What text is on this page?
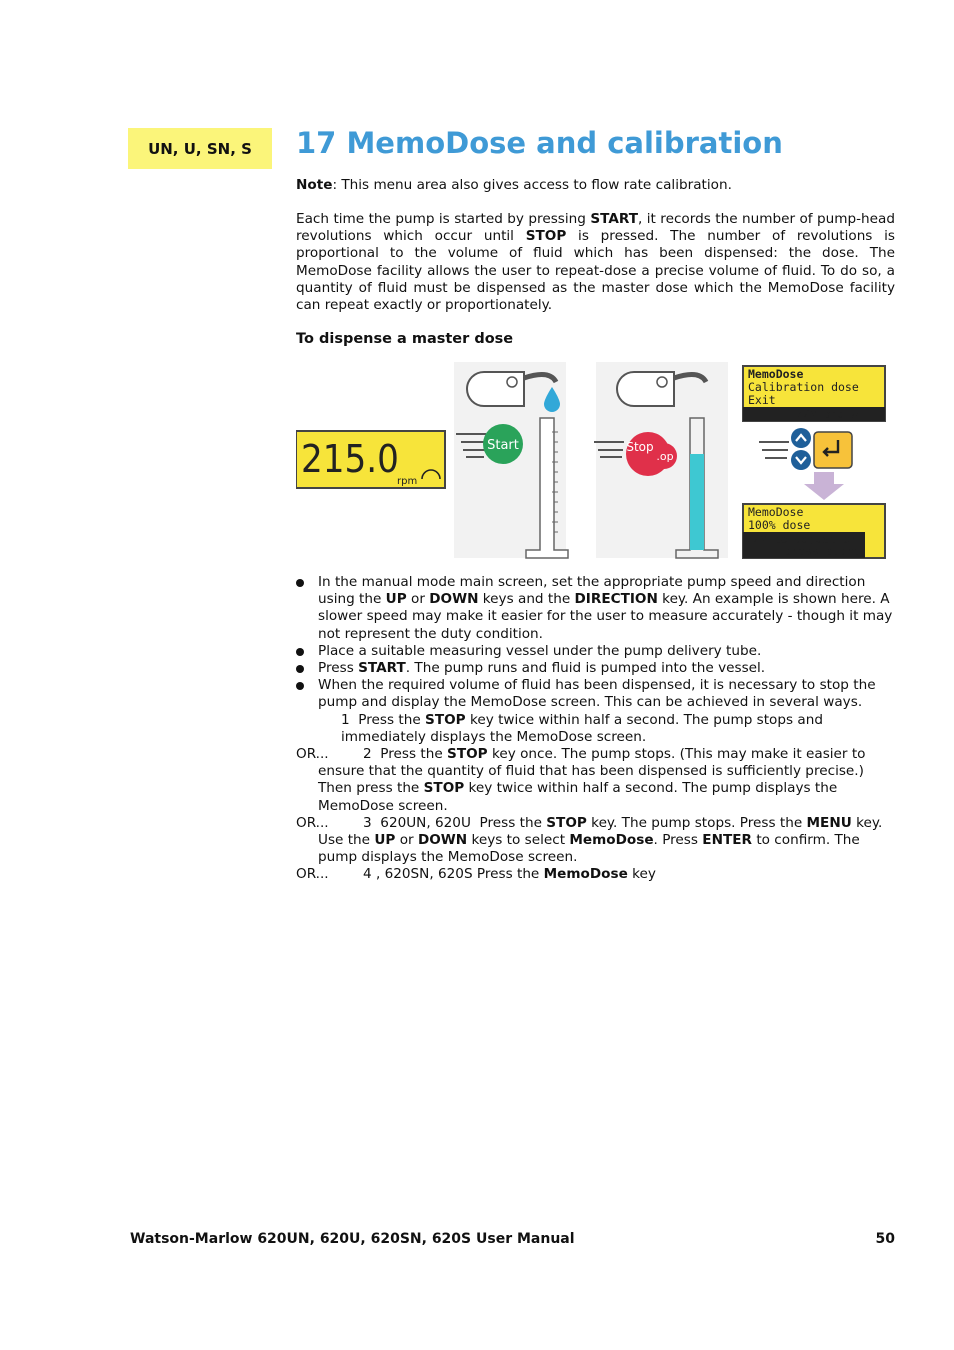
UN, U, SN, S	17 MemoDose and calibration
Note: This menu area also gives access to flow rate calibration.
Each time the pump is started by pressing START, it records the number of pump-head revolutions which occur until STOP is pressed. The number of revolutions is proportional to the volume of fluid which has been dispensed: the dose. The MemoDose facility allows the user to repeat-dose a precise volume of fluid. To do so, a quantity of fluid must be dispensed as the master dose which the MemoDose facility can repeat exactly or proportionately.
To dispense a master dose
215.0
rpm
Start	Stop
.op
MemoDose
Calibration dose
Exit
∧/∨ and ↵
MemoDose
100% dose
∧/∨ to adjust or
press start
In the manual mode main screen, set the appropriate pump speed and direction using the UP or DOWN keys and the DIRECTION key. An example is shown here. A slower speed may make it easier for the user to measure accurately - though it may not represent the duty condition.
Place a suitable measuring vessel under the pump delivery tube.
Press START. The pump runs and fluid is pumped into the vessel.
When the required volume of fluid has been dispensed, it is necessary to stop the pump and display the MemoDose screen. This can be achieved in several ways.
1  Press the STOP key twice within half a second. The pump stops and immediately displays the MemoDose screen.
OR...	2  Press the STOP key once. The pump stops. (This may make it easier to ensure that the quantity of fluid that has been dispensed is sufficiently precise.) Then press the STOP key twice within half a second. The pump displays the MemoDose screen.
OR...	3  620UN, 620U  Press the STOP key. The pump stops. Press the MENU key. Use the UP or DOWN keys to select MemoDose. Press ENTER to confirm. The pump displays the MemoDose screen.
OR...	4 , 620SN, 620S Press the MemoDose key
Watson-Marlow 620UN, 620U, 620SN, 620S User Manual	50
